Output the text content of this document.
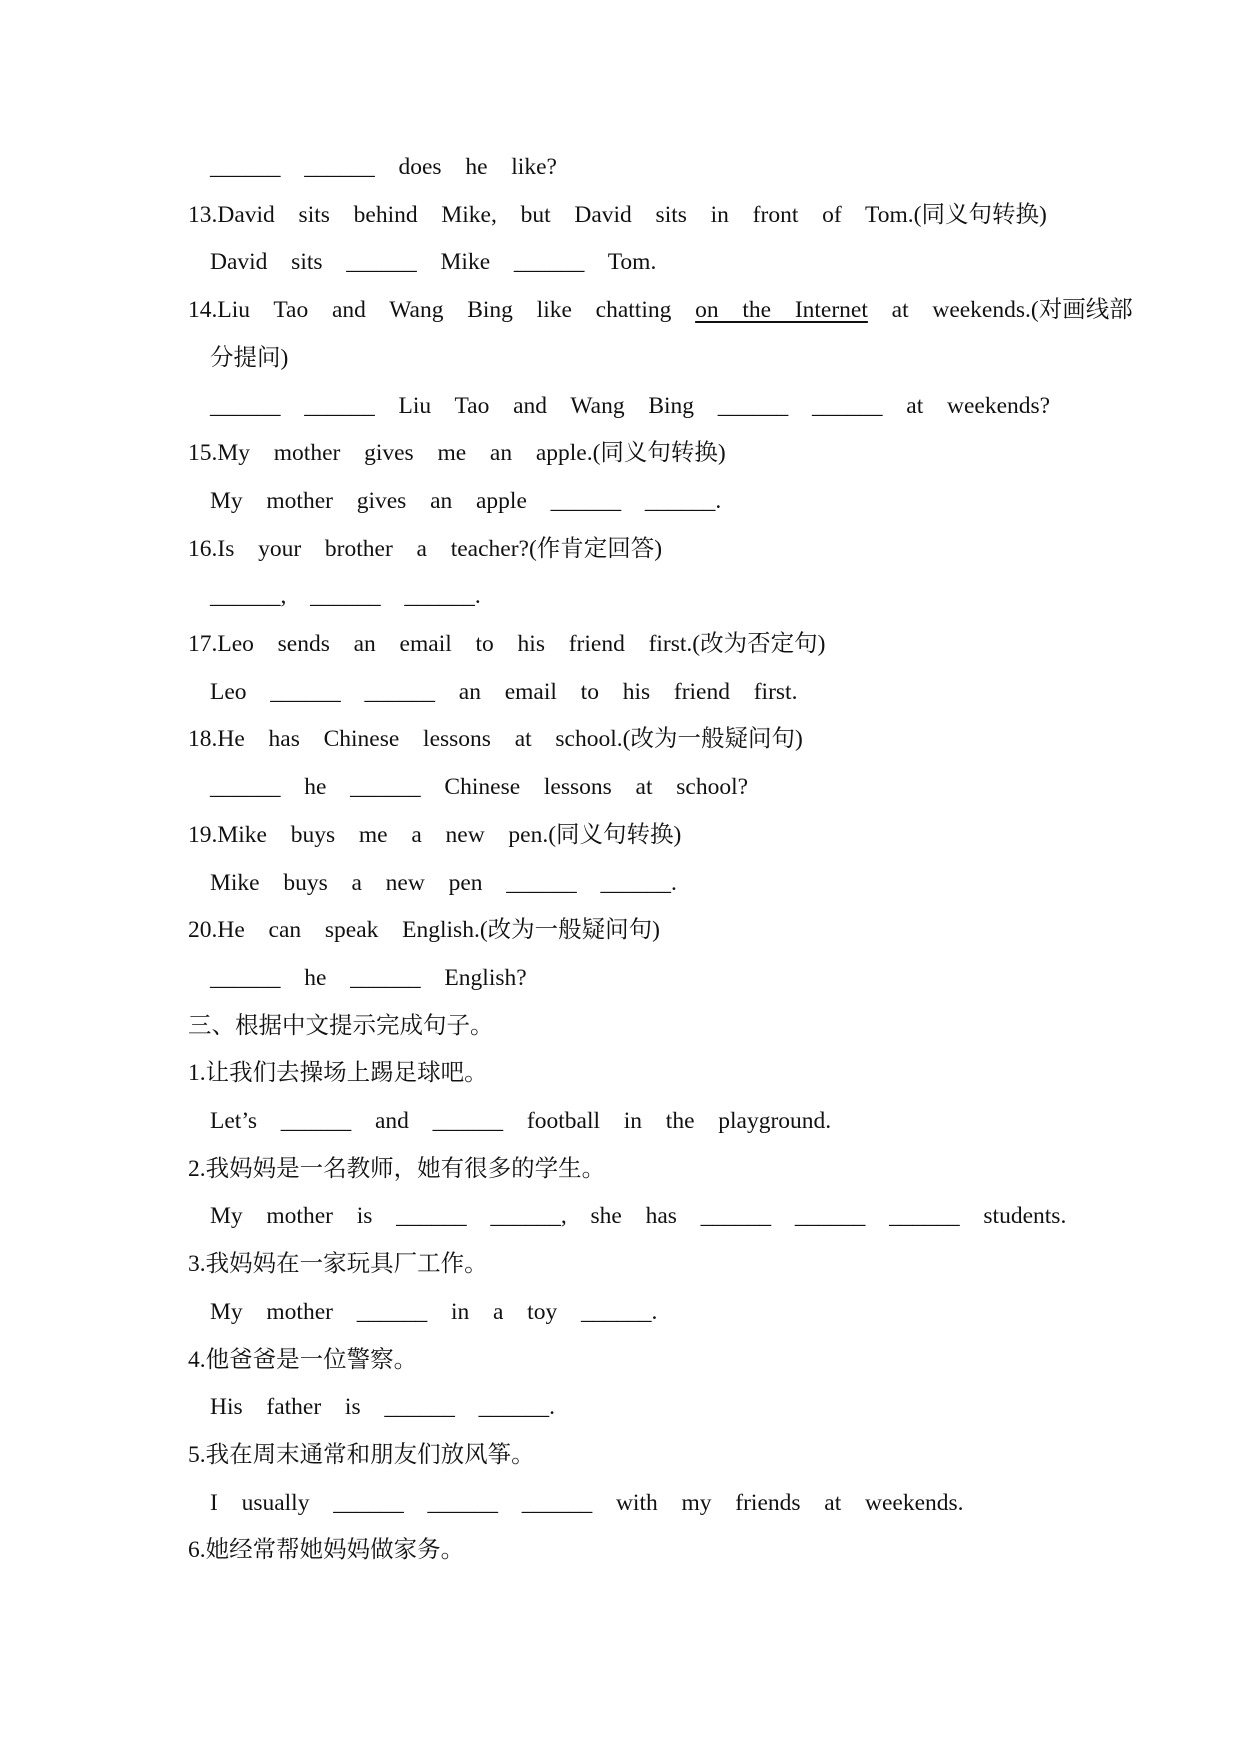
______  ______  does  he  like?
13.David  sits  behind  Mike,  but  David  sits  in  front  of  Tom.(同义句转换)
David  sits  ______  Mike  ______  Tom.
14.Liu  Tao  and  Wang  Bing  like  chatting  on  the  Internet  at  weekends.(对画线部
分提问)
______  ______  Liu  Tao  and  Wang  Bing  ______  ______  at  weekends?
15.My  mother  gives  me  an  apple.(同义句转换)
My  mother  gives  an  apple  ______  ______.
16.Is  your  brother  a  teacher?(作肯定回答)
______,  ______  ______.
17.Leo  sends  an  email  to  his  friend  first.(改为否定句)
Leo  ______  ______  an  email  to  his  friend  first.
18.He  has  Chinese  lessons  at  school.(改为一般疑问句)
______  he  ______  Chinese  lessons  at  school?
19.Mike  buys  me  a  new  pen.(同义句转换)
Mike  buys  a  new  pen  ______  ______.
20.He  can  speak  English.(改为一般疑问句)
______  he  ______  English?
三、根据中文提示完成句子。
1.让我们去操场上踢足球吧。
Let’s  ______  and  ______  football  in  the  playground.
2.我妈妈是一名教师，她有很多的学生。
My  mother  is  ______  ______,  she  has  ______  ______  ______  students.
3.我妈妈在一家玩具厂工作。
My  mother  ______  in  a  toy  ______.
4.他爸爸是一位警察。
His  father  is  ______  ______.
5.我在周末通常和朋友们放风筝。
I  usually  ______  ______  ______  with  my  friends  at  weekends.
6.她经常帮她妈妈做家务。
